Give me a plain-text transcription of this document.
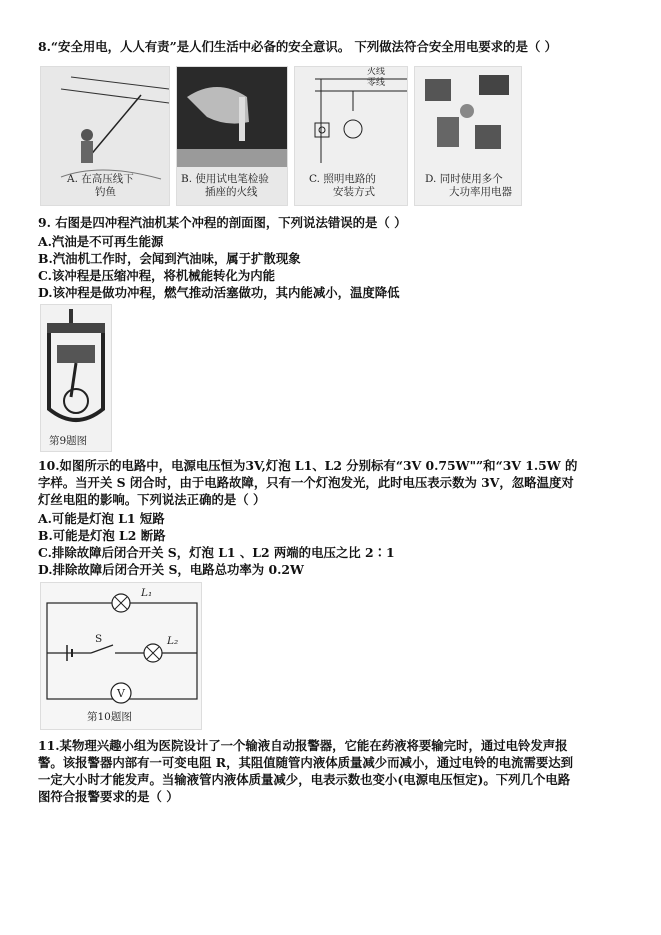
8.“安全用电，人人有责”是人们生活中必备的安全意识。 下列做法符合安全用电要求的是（ ）
A. 在高压线下
钓鱼
B. 使用试电笔检验
插座的火线
火线
零线
C. 照明电路的
安装方式
D. 同时使用多个
大功率用电器
9. 右图是四冲程汽油机某个冲程的剖面图，下列说法错误的是（ ）
A.汽油是不可再生能源
B.汽油机工作时，会闻到汽油味，属于扩散现象
C.该冲程是压缩冲程，将机械能转化为内能
D.该冲程是做功冲程，燃气推动活塞做功，其内能减小，温度降低
第9题图
10.如图所示的电路中，电源电压恒为3V,灯泡 L1、L2 分别标有“3V 0.75W"”和“3V 1.5W 的
字样。当开关 S 闭合时，由于电路故障，只有一个灯泡发光，此时电压表示数为 3V，忽略温度对
灯丝电阻的影响。下列说法正确的是（ ）
A.可能是灯泡 L1 短路
B.可能是灯泡 L2 断路
C.排除故障后闭合开关 S，灯泡 L1 、L2 两端的电压之比 2∶1
D.排除故障后闭合开关 S，电路总功率为 0.2W
L₁
L₂
S
V
第10题图
11.某物理兴趣小组为医院设计了一个输液自动报警器，它能在药液将要输完时，通过电铃发声报
警。该报警器内部有一可变电阻 R，其阻值随管内液体质量减少而减小，通过电铃的电流需要达到
一定大小时才能发声。当输液管内液体质量减少，电表示数也变小(电源电压恒定)。下列几个电路
图符合报警要求的是（ ）
